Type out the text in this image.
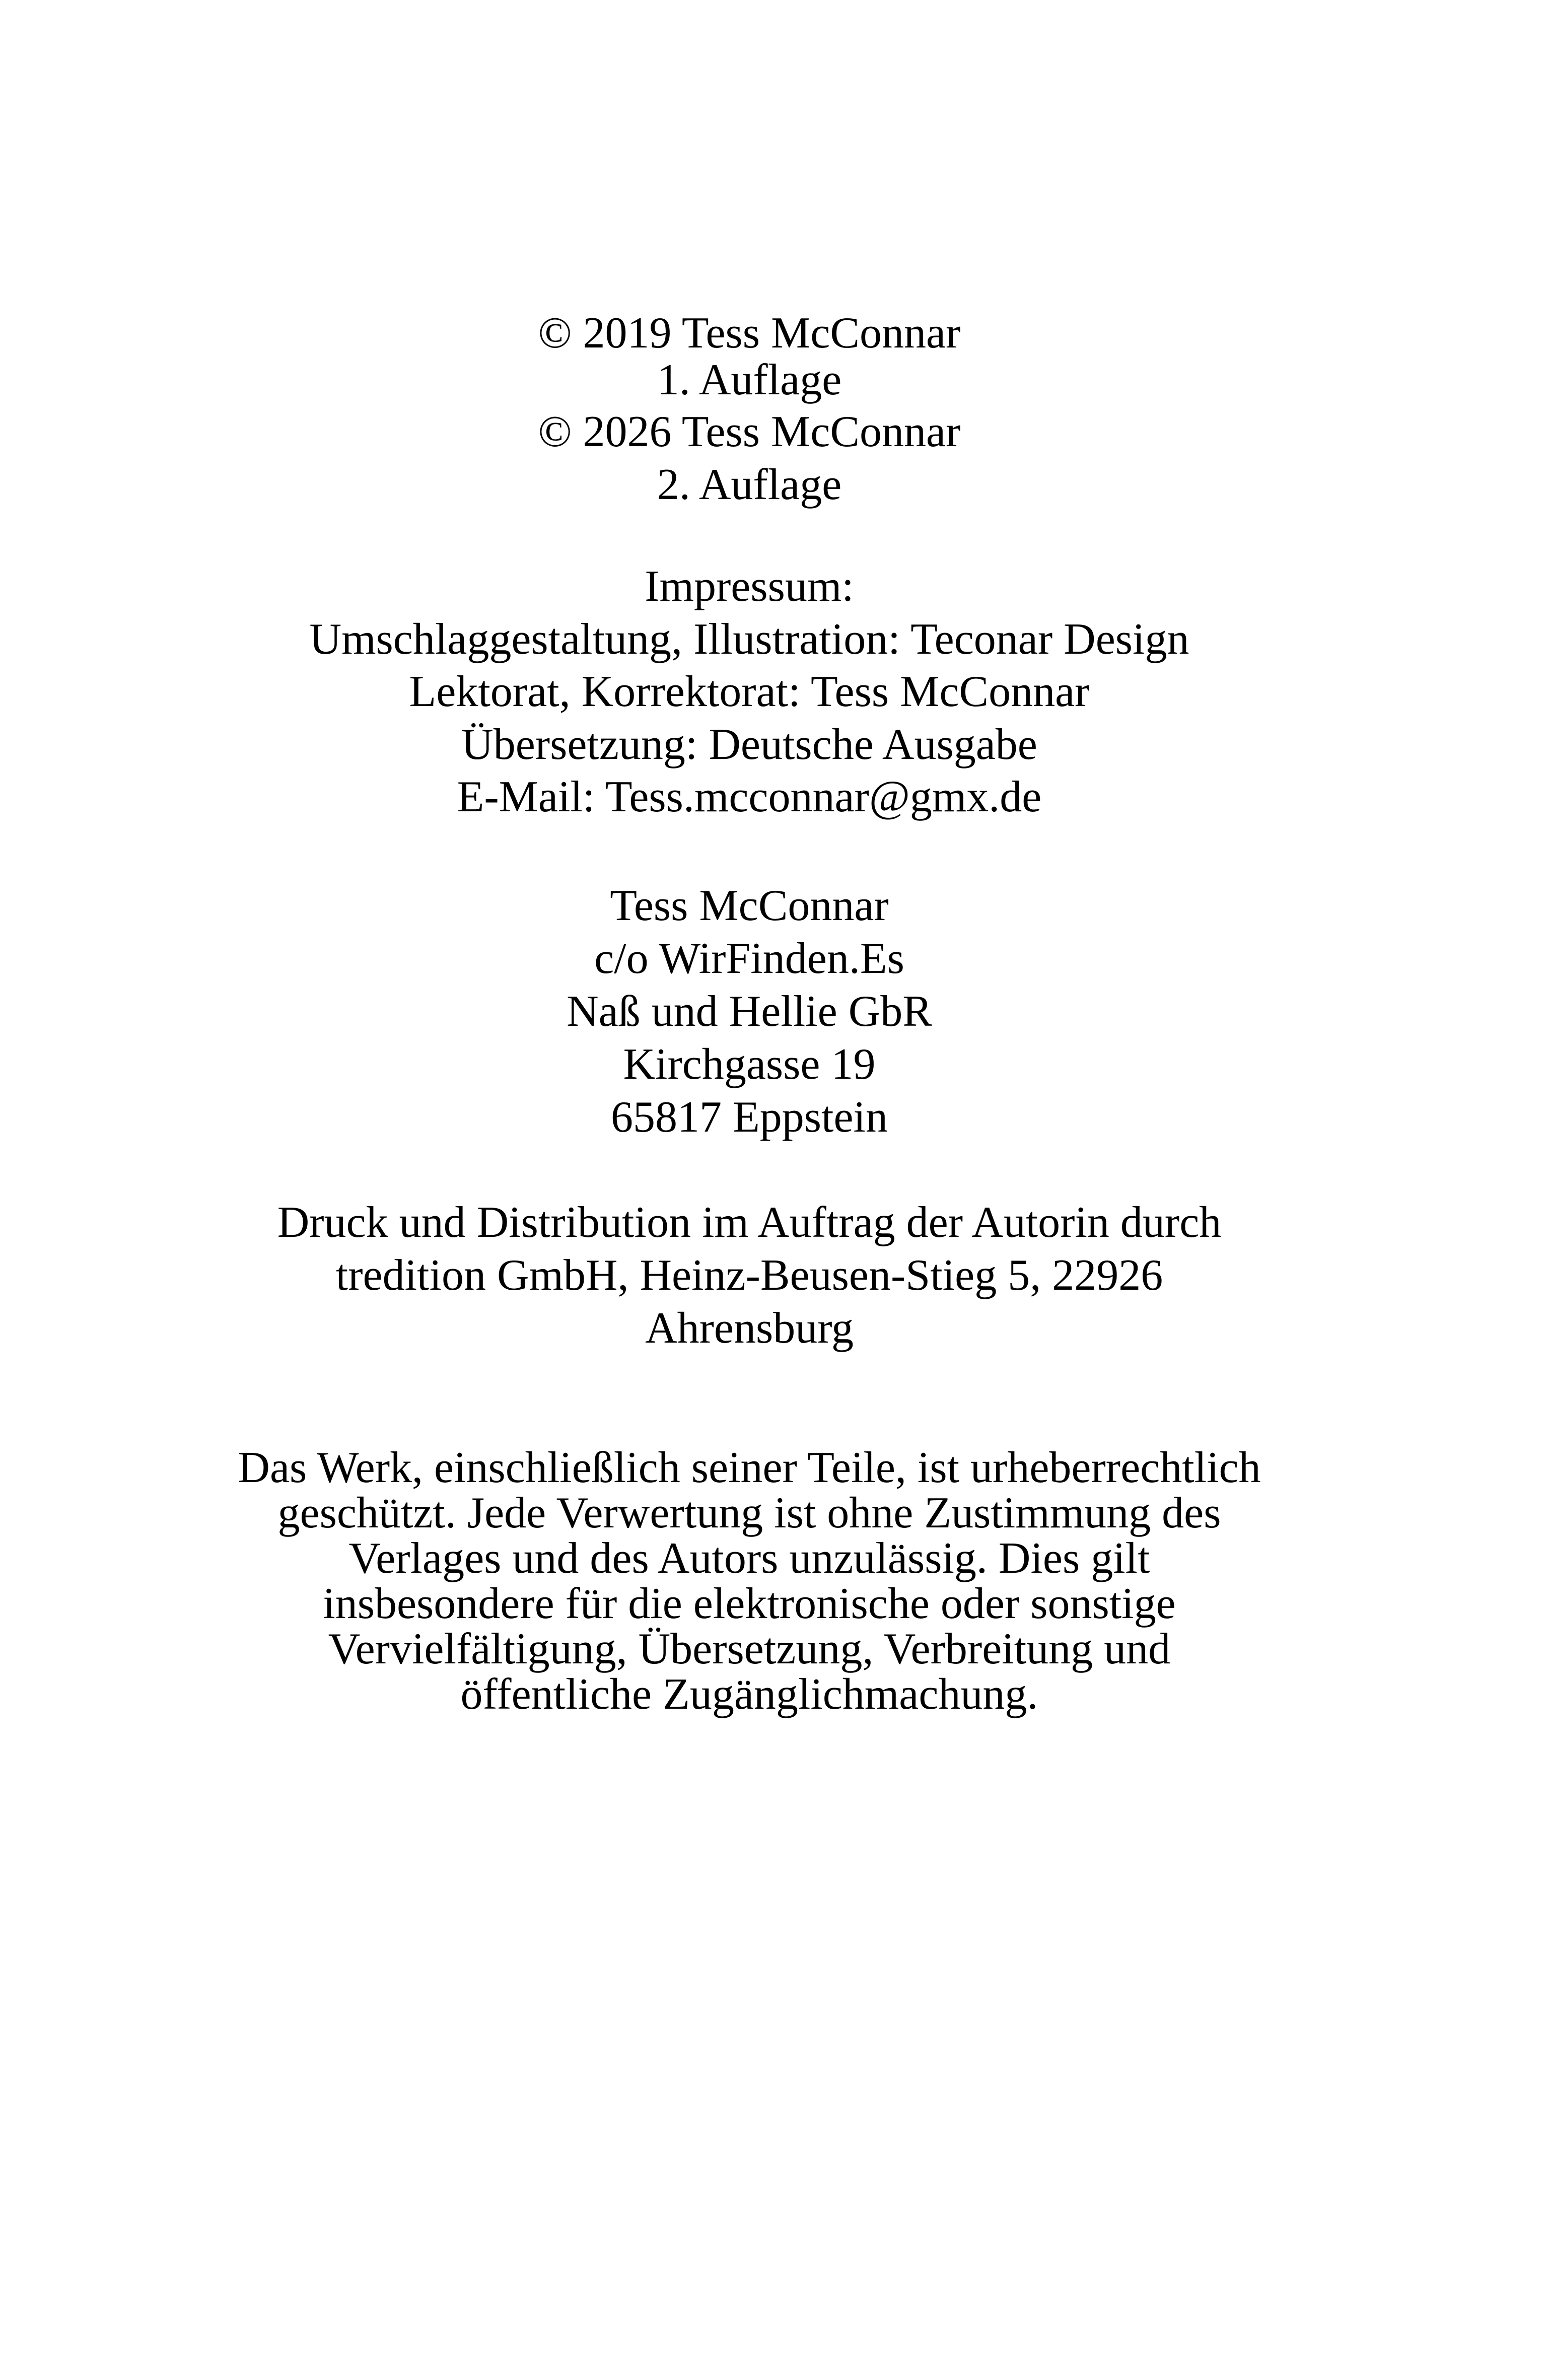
© 2019 Tess McConnar
1. Auflage
© 2026 Tess McConnar
2. Auflage
Impressum:
Umschlaggestaltung, Illustration: Teconar Design
Lektorat, Korrektorat: Tess McConnar
Übersetzung: Deutsche Ausgabe
E-Mail: Tess.mcconnar@gmx.de
Tess McConnar
c/o WirFinden.Es
Naß und Hellie GbR
Kirchgasse 19
65817 Eppstein
Druck und Distribution im Auftrag der Autorin durch
tredition GmbH, Heinz-Beusen-Stieg 5, 22926
Ahrensburg
Das Werk, einschließlich seiner Teile, ist urheberrechtlich
geschützt. Jede Verwertung ist ohne Zustimmung des
Verlages und des Autors unzulässig. Dies gilt
insbesondere für die elektronische oder sonstige
Vervielfältigung, Übersetzung, Verbreitung und
öffentliche Zugänglichmachung.
